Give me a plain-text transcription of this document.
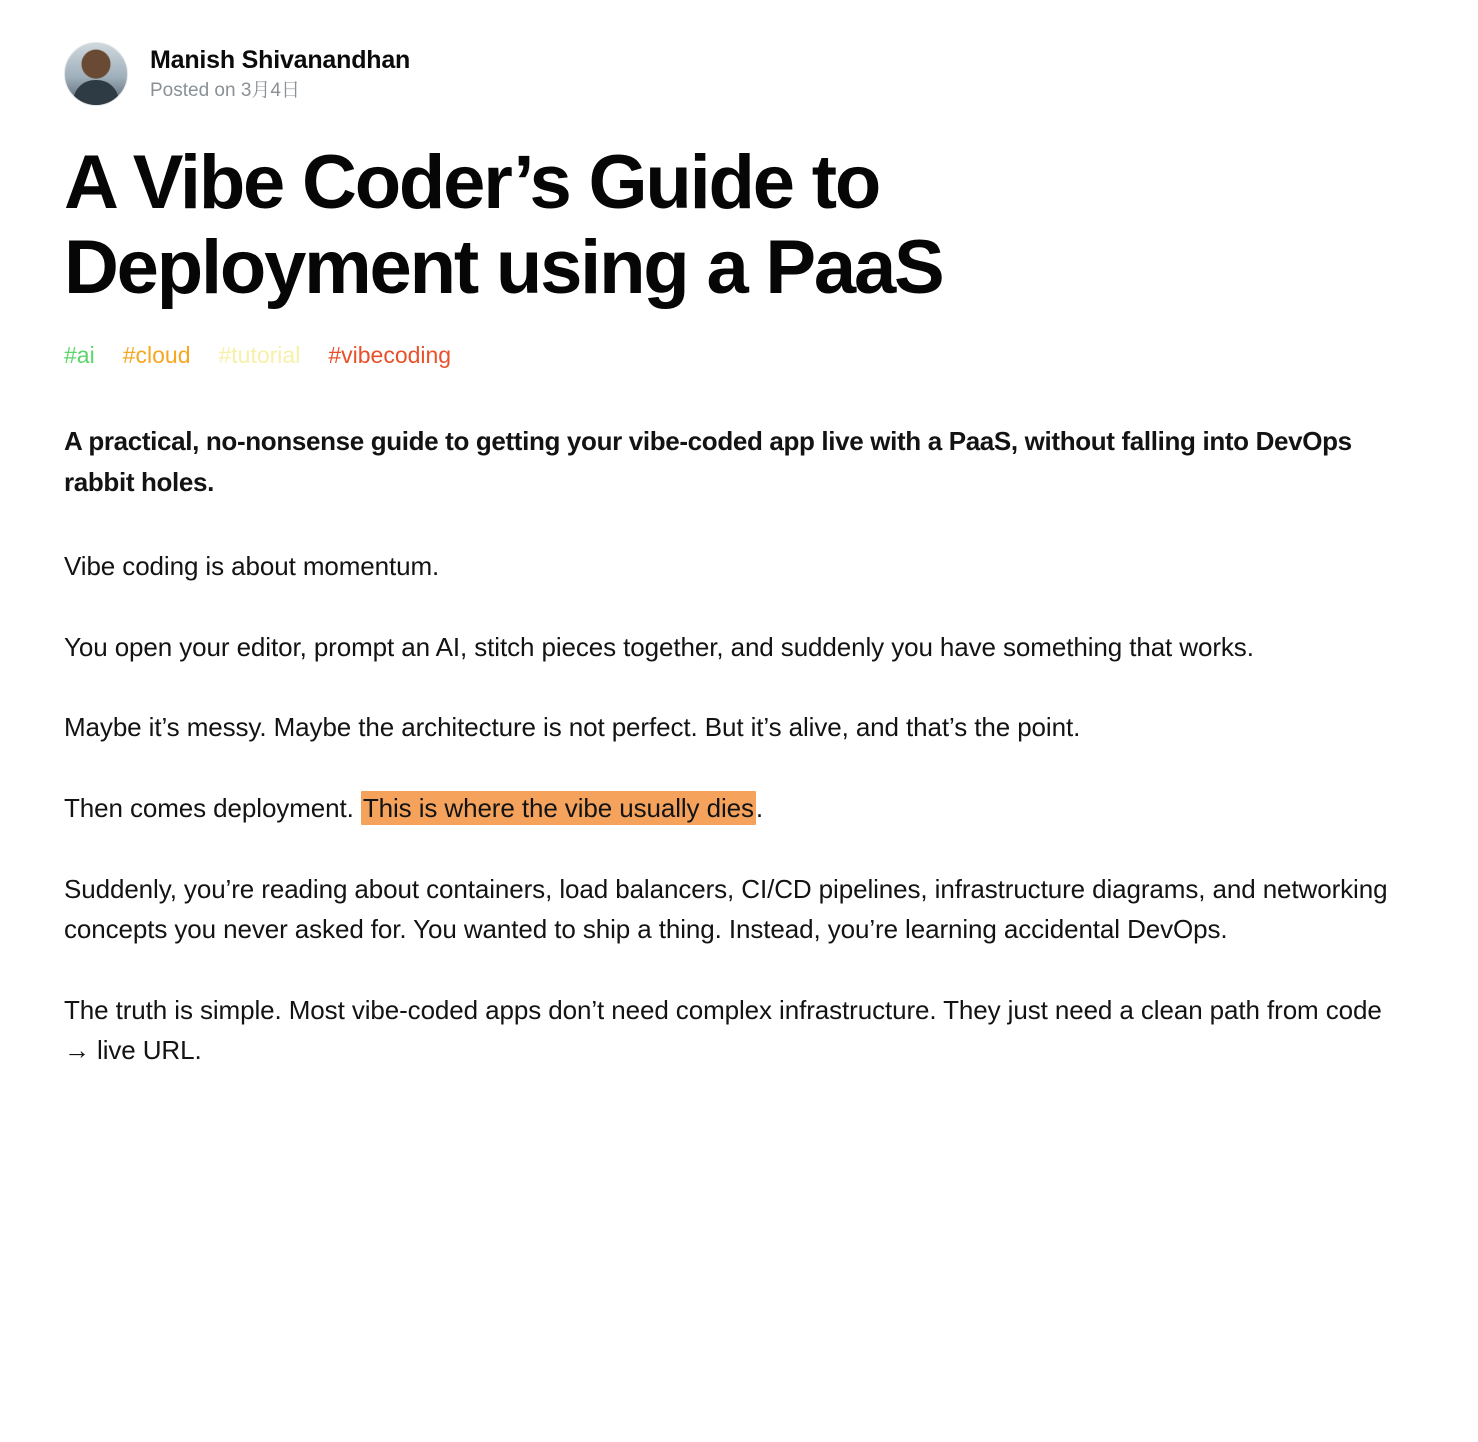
Manish Shivanandhan
Posted on 3月4日
A Vibe Coder’s Guide to Deployment using a PaaS
#ai #cloud #tutorial #vibecoding

A practical, no-nonsense guide to getting your vibe-coded app live with a PaaS, without falling into DevOps rabbit holes.

Vibe coding is about momentum.

You open your editor, prompt an AI, stitch pieces together, and suddenly you have something that works.

Maybe it’s messy. Maybe the architecture is not perfect. But it’s alive, and that’s the point.

Then comes deployment. This is where the vibe usually dies.

Suddenly, you’re reading about containers, load balancers, CI/CD pipelines, infrastructure diagrams, and networking concepts you never asked for. You wanted to ship a thing. Instead, you’re learning accidental DevOps.

The truth is simple. Most vibe-coded apps don’t need complex infrastructure. They just need a clean path from code → live URL.
